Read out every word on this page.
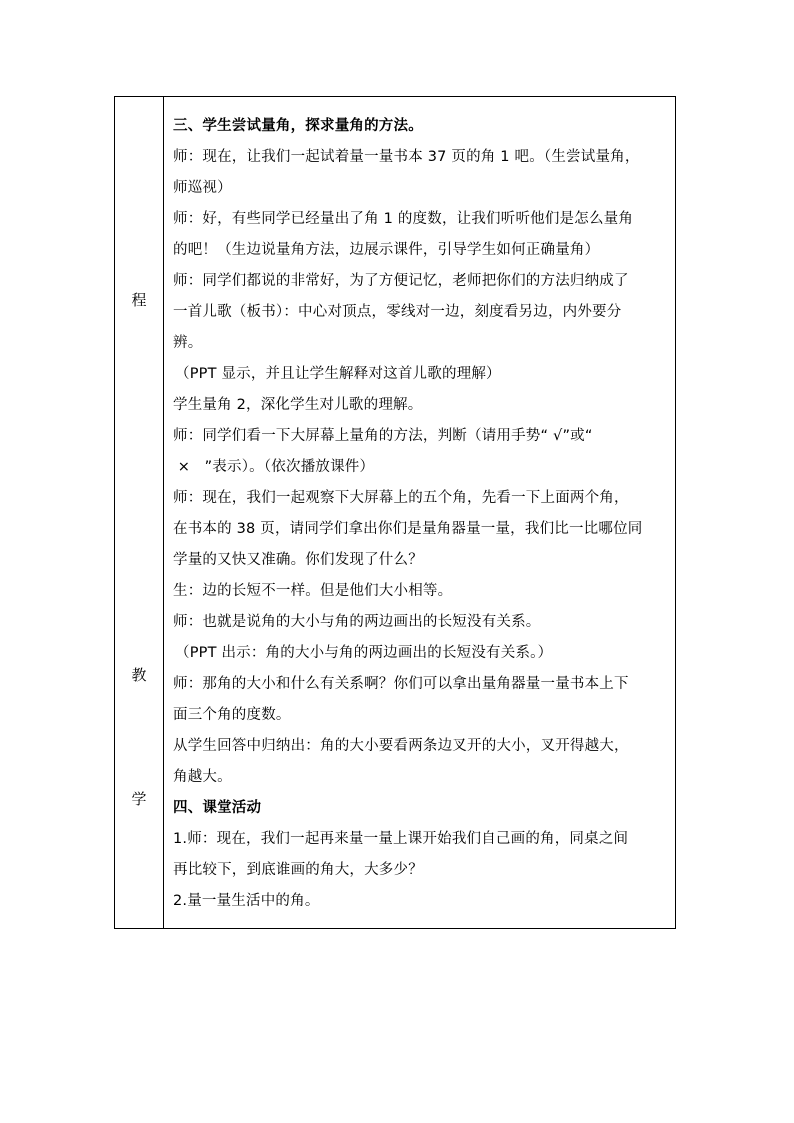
程
教
学
三、学生尝试量角，探求量角的方法。
师：现在，让我们一起试着量一量书本 37 页的角 1 吧。（生尝试量角，
师巡视）
师：好，有些同学已经量出了角 1 的度数，让我们听听他们是怎么量角
的吧！（生边说量角方法，边展示课件，引导学生如何正确量角）
师：同学们都说的非常好，为了方便记忆，老师把你们的方法归纳成了
一首儿歌（板书）：中心对顶点，零线对一边，刻度看另边，内外要分
辨。
（PPT 显示，并且让学生解释对这首儿歌的理解）
学生量角 2，深化学生对儿歌的理解。
师：同学们看一下大屏幕上量角的方法，判断（请用手势“ √”或“
×   ”表示）。（依次播放课件）
师：现在，我们一起观察下大屏幕上的五个角，先看一下上面两个角，
在书本的 38 页，请同学们拿出你们是量角器量一量，我们比一比哪位同
学量的又快又准确。你们发现了什么？
生：边的长短不一样。但是他们大小相等。
师：也就是说角的大小与角的两边画出的长短没有关系。
（PPT 出示：角的大小与角的两边画出的长短没有关系。）
师：那角的大小和什么有关系啊？你们可以拿出量角器量一量书本上下
面三个角的度数。
从学生回答中归纳出：角的大小要看两条边叉开的大小，叉开得越大，
角越大。
四、课堂活动
1.师：现在，我们一起再来量一量上课开始我们自己画的角，同桌之间
再比较下，到底谁画的角大，大多少？
2.量一量生活中的角。
